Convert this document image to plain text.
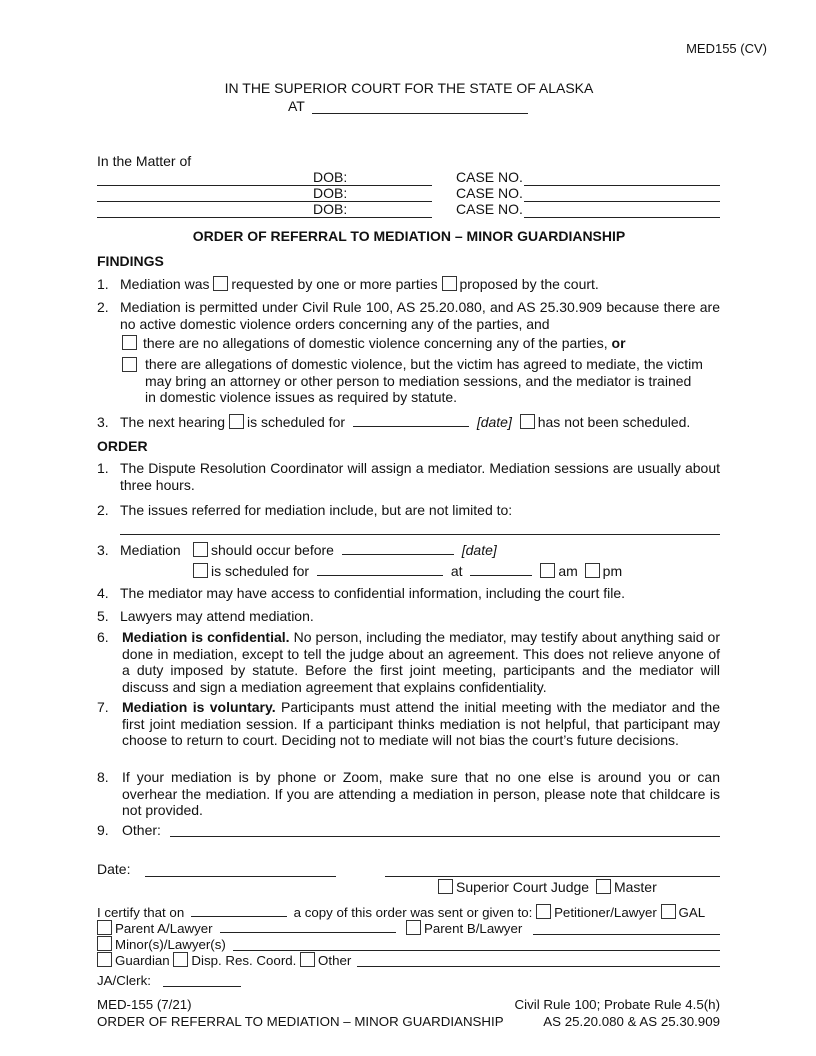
MED155 (CV)
IN THE SUPERIOR COURT FOR THE STATE OF ALASKA
AT
In the Matter of
DOB:	CASE NO.
DOB:	CASE NO.
DOB:	CASE NO.
ORDER OF REFERRAL TO MEDIATION – MINOR GUARDIANSHIP
FINDINGS
1. Mediation was requested by one or more parties proposed by the court.
2. Mediation is permitted under Civil Rule 100, AS 25.20.080, and AS 25.30.909 because there are no active domestic violence orders concerning any of the parties, and
there are no allegations of domestic violence concerning any of the parties, or
there are allegations of domestic violence, but the victim has agreed to mediate, the victim may bring an attorney or other person to mediation sessions, and the mediator is trained in domestic violence issues as required by statute.
3. The next hearing is scheduled for	[date] has not been scheduled.
ORDER
1. The Dispute Resolution Coordinator will assign a mediator. Mediation sessions are usually about three hours.
2. The issues referred for mediation include, but are not limited to:
3. Mediation	should occur before	[date]
is scheduled for	at	am pm
4. The mediator may have access to confidential information, including the court file.
5. Lawyers may attend mediation.
6. Mediation is confidential. No person, including the mediator, may testify about anything said or done in mediation, except to tell the judge about an agreement. This does not relieve anyone of a duty imposed by statute. Before the first joint meeting, participants and the mediator will discuss and sign a mediation agreement that explains confidentiality.
7. Mediation is voluntary. Participants must attend the initial meeting with the mediator and the first joint mediation session. If a participant thinks mediation is not helpful, that participant may choose to return to court. Deciding not to mediate will not bias the court’s future decisions.
8. If your mediation is by phone or Zoom, make sure that no one else is around you or can overhear the mediation. If you are attending a mediation in person, please note that childcare is not provided.
9. Other:
Date:
Superior Court Judge Master
I certify that on	a copy of this order was sent or given to: Petitioner/Lawyer GAL
Parent A/Lawyer	Parent B/Lawyer
Minor(s)/Lawyer(s)
Guardian Disp. Res. Coord. Other
JA/Clerk:
MED-155 (7/21)
ORDER OF REFERRAL TO MEDIATION – MINOR GUARDIANSHIP
Civil Rule 100; Probate Rule 4.5(h)
AS 25.20.080 & AS 25.30.909
